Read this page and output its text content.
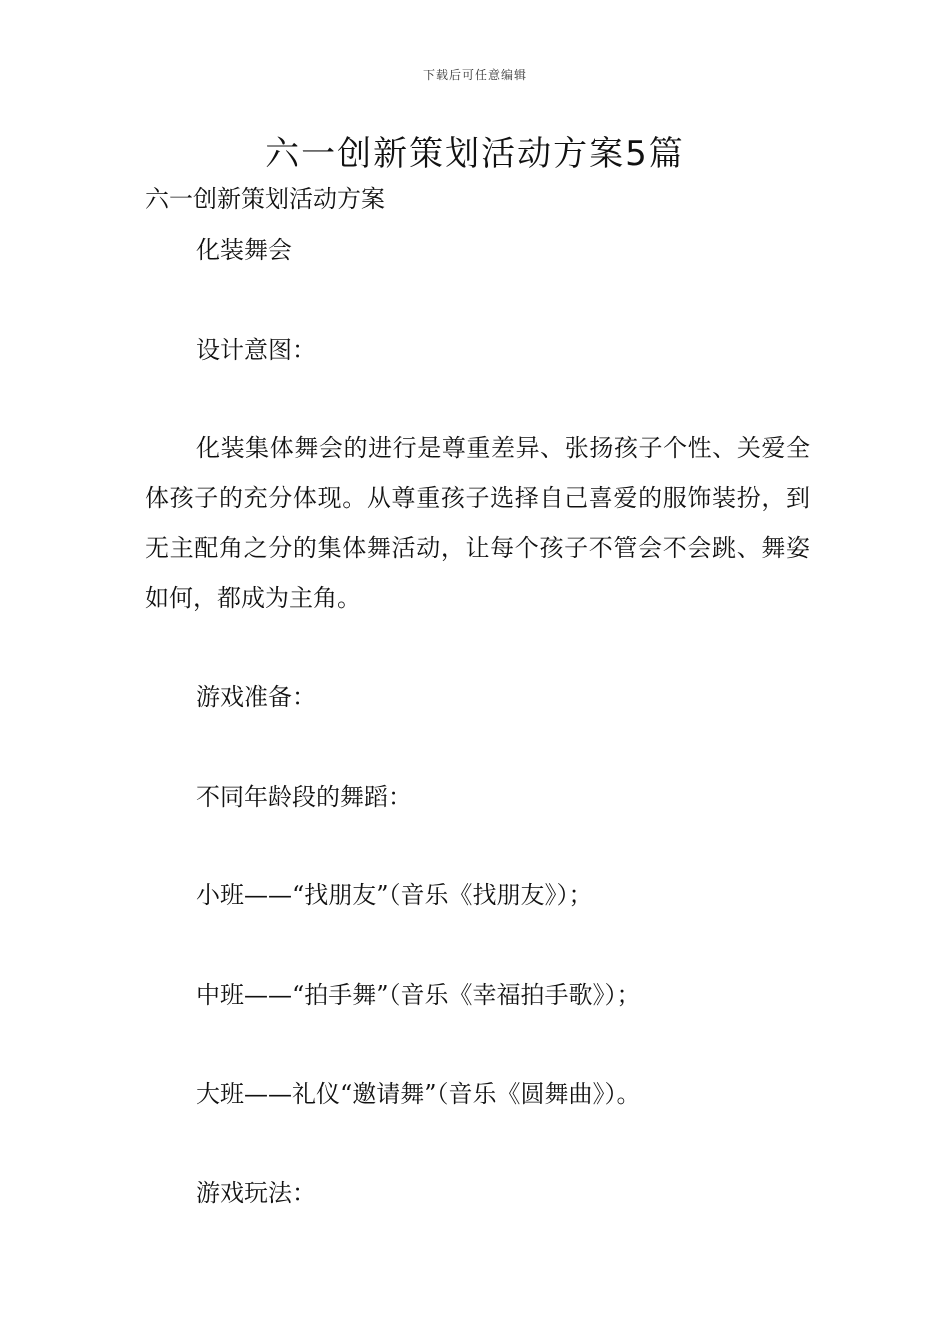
下载后可任意编辑
六一创新策划活动方案5篇
六一创新策划活动方案
化装舞会
设计意图：
化装集体舞会的进行是尊重差异、张扬孩子个性、关爱全体孩子的充分体现。从尊重孩子选择自己喜爱的服饰装扮，到无主配角之分的集体舞活动，让每个孩子不管会不会跳、舞姿如何，都成为主角。
游戏准备：
不同年龄段的舞蹈：
小班——“找朋友”（音乐《找朋友》）；
中班——“拍手舞”（音乐《幸福拍手歌》）；
大班——礼仪“邀请舞”（音乐《圆舞曲》）。
游戏玩法：
